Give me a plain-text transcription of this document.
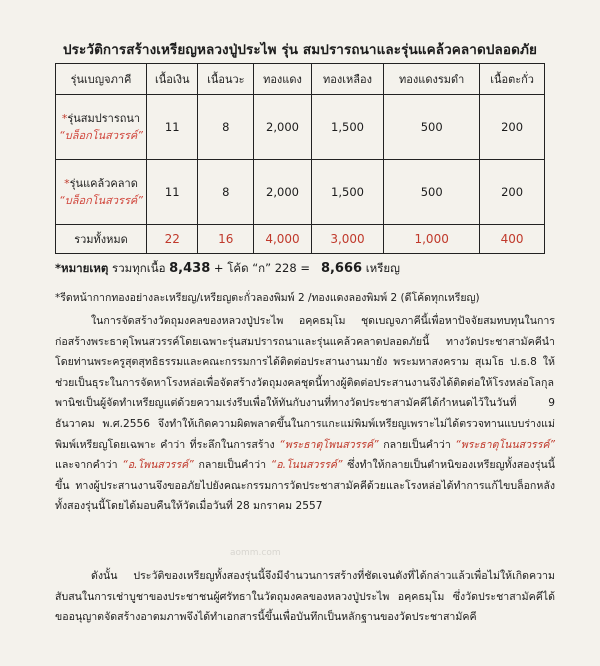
ประวัติการสร้างเหรียญหลวงปู่ประไพ รุ่น สมปรารถนาและรุ่นแคล้วคลาดปลอดภัย
รุ่นเบญจภาคี	เนื้อเงิน	เนื้อนวะ	ทองแดง	ทองเหลือง	ทองแดงรมดำ	เนื้อตะกั่ว

*รุ่นสมปรารถนา
“บล็อกโนสวรรค์”	11	8	2,000	1,500	500	200

*รุ่นแคล้วคลาด
“บล็อกโนสวรรค์”	11	8	2,000	1,500	500	200
รวมทั้งหมด	22	16	4,000	3,000	1,000	400
*หมายเหตุ รวมทุกเนื้อ 8,438 + โค้ด “ก” 228 = 8,666 เหรียญ
*รีดหน้ากากทองอย่างละเหรียญ/เหรียญตะกั่วลองพิมพ์ 2 /ทองแดงลองพิมพ์ 2 (ดีโค้ดทุกเหรียญ)
ในการจัดสร้างวัตถุมงคลของหลวงปู่ประไพ อคฺคธมฺโม ชุดเบญจภาคีนี้เพื่อหาปัจจัยสมทบทุนในการก่อสร้างพระธาตุโพนสวรรค์โดยเฉพาะรุ่นสมปรารถนาและรุ่นแคล้วคลาดปลอดภัยนี้ ทางวัดประชาสามัคคีนำโดยท่านพระครูสุตสุทธิธรรมและคณะกรรมการได้ติดต่อประสานงานมายัง พระมหาสงคราม สุเมโธ ป.ธ.8 ให้ช่วยเป็นธุระในการจัดหาโรงหล่อเพื่อจัดสร้างวัตถุมงคลชุดนี้ทางผู้ติดต่อประสานงานจึงได้ติดต่อให้โรงหล่อโลกุลพานิชเป็นผู้จัดทำเหรียญแต่ด้วยความเร่งรีบเพื่อให้ทันกับงานที่ทางวัดประชาสามัคคีได้กำหนดไว้ในวันที่ 9 ธันวาคม พ.ศ.2556 จึงทำให้เกิดความผิดพลาดขึ้นในการแกะแม่พิมพ์เหรียญเพราะไม่ได้ตรวจทานแบบร่างแม่พิมพ์เหรียญโดยเฉพาะ คำว่า ที่ระลึกในการสร้าง “พระธาตุโพนสวรรค์” กลายเป็นคำว่า “พระธาตุโนนสวรรค์” และจากคำว่า “อ.โพนสวรรค์” กลายเป็นคำว่า “อ.โนนสวรรค์” ซึ่งทำให้กลายเป็นตำหนิของเหรียญทั้งสองรุ่นนี้ขึ้น ทางผู้ประสานงานจึงขออภัยไปยังคณะกรรมการวัดประชาสามัคคีด้วยและโรงหล่อได้ทำการแก้ไขบล็อกหลังทั้งสองรุ่นนี้โดยได้มอบคืนให้วัดเมื่อวันที่ 28 มกราคม 2557
aomm.com
ดังนั้น ประวัติของเหรียญทั้งสองรุ่นนี้จึงมีจำนวนการสร้างที่ชัดเจนดังที่ได้กล่าวแล้วเพื่อไม่ให้เกิดความสับสนในการเช่าบูชาของประชาชนผู้ศรัทธาในวัตถุมงคลของหลวงปู่ประไพ อคฺคธมฺโม ซึ่งวัดประชาสามัคคีได้ขออนุญาตจัดสร้างอาตมภาพจึงได้ทำเอกสารนี้ขึ้นเพื่อบันทึกเป็นหลักฐานของวัดประชาสามัคคี
